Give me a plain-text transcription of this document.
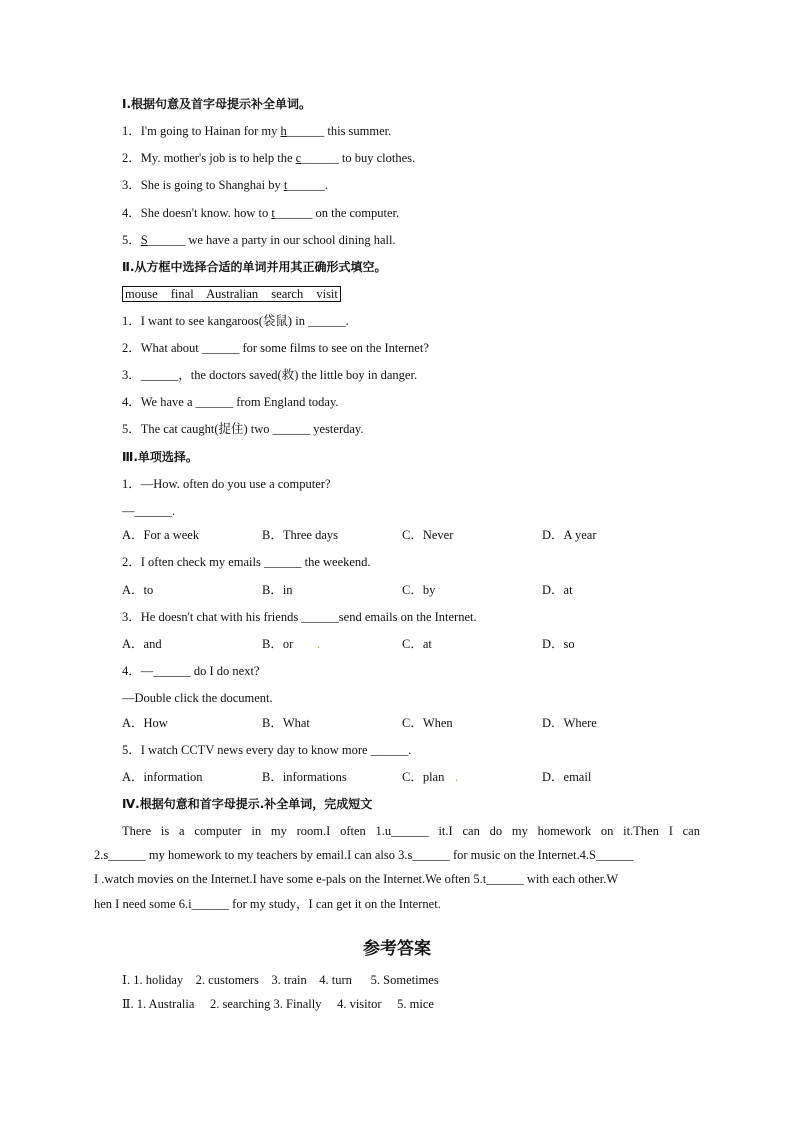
Ⅰ.根据句意及首字母提示补全单词。
1．I'm going to Hainan for my h______ this summer.
2．My. mother's job is to help the c______ to buy clothes.
3．She is going to Shanghai by t______.
4．She doesn't know. how to t______ on the computer.
5．S______ we have a party in our school dining hall.
Ⅱ.从方框中选择合适的单词并用其正确形式填空。
mouse final Australian search visit
1．I want to see kangaroos(袋鼠) in ______.
2．What about ______ for some films to see on the Internet?
3．______，the doctors saved(救) the little boy in danger.
4．We have a ______ from England today.
5．The cat caught(捉住) two ______ yesterday.
Ⅲ.单项选择。
1．—How. often do you use a computer?
—______.
A．For a week	B．Three days	C．Never	D．A year
2．I often check my emails ______ the weekend.
A．to	B．in	C．by	D．at
3．He doesn't chat with his friends ______send emails on the Internet.
A．and	B．or .	C．at	D．so
4．—______ do I do next?
—Double click the document.
A．How	B．What	C．When	D．Where
5．I watch CCTV news every day to know more ______.
A．information	B．informations	C．plan .	D．email
Ⅳ.根据句意和首字母提示.补全单词，完成短文
There is a computer in my room.I often 1.u______ it.I can do my homework on it.Then I can
2.s______ my homework to my teachers by email.I can also 3.s______ for music on the Internet.4.S______
I .watch movies on the Internet.I have some e-pals on the Internet.We often 5.t______ with each other.W
hen I need some 6.i______ for my study，I can get it on the Internet.
参考答案
Ⅰ. 1. holiday    2. customers    3. train    4. turn      5. Sometimes
Ⅱ. 1. Australia     2. searching 3. Finally     4. visitor     5. mice
